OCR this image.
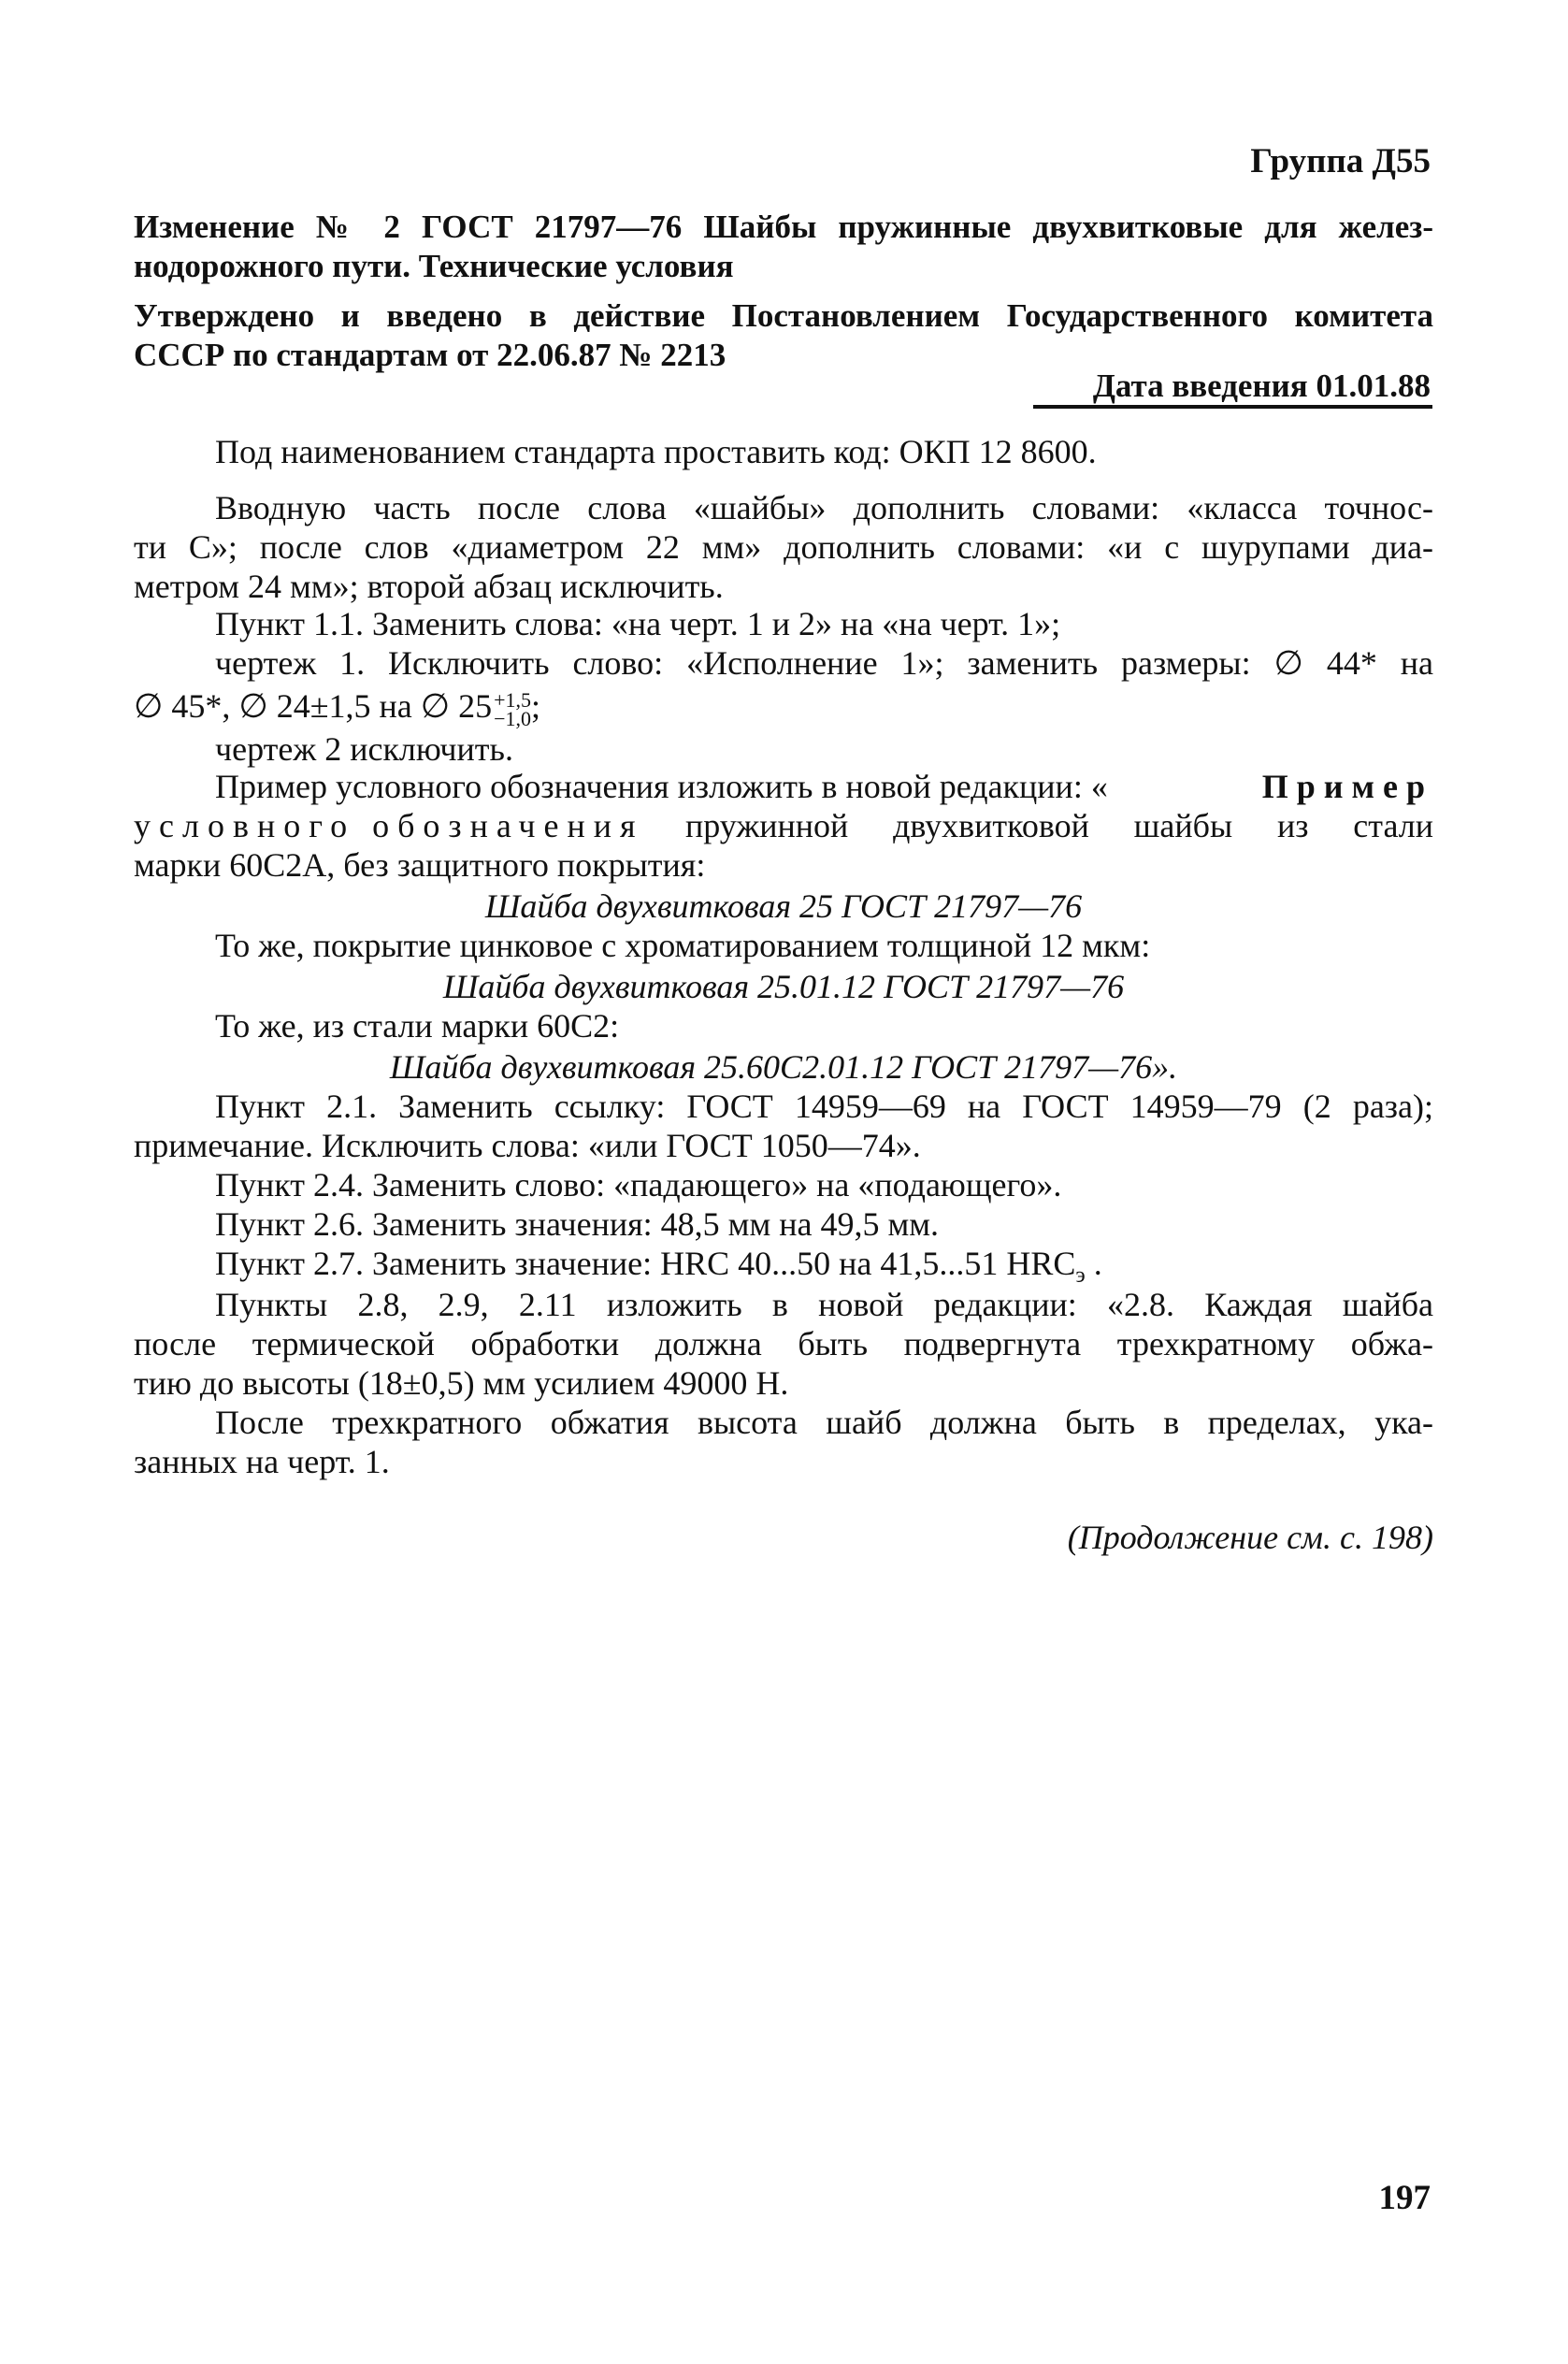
Группа Д55
Изменение № 2 ГОСТ 21797—76 Шайбы пружинные двухвитковые для желез-
нодорожного пути. Технические условия
Утверждено и введено в действие Постановлением Государственного комитета
СССР по стандартам от 22.06.87 № 2213
Дата введения 01.01.88
Под наименованием стандарта проставить код: ОКП 12 8600.
Вводную часть после слова «шайбы» дополнить словами: «класса точнос-
ти С»; после слов «диаметром 22 мм» дополнить словами: «и с шурупами диа-
метром 24 мм»; второй абзац исключить.
Пункт 1.1. Заменить слова: «на черт. 1 и 2» на «на черт. 1»;
чертеж 1. Исключить слово: «Исполнение 1»; заменить размеры: ∅ 44* на
∅ 45*, ∅ 24±1,5 на ∅ 25 +1,5
−1,0 ;
чертеж 2 исключить.
Пример условного обозначения изложить в новой редакции: «	Пример
условного обозначения пружинной двухвитковой шайбы из стали
марки 60С2А, без защитного покрытия:
Шайба двухвитковая 25 ГОСТ 21797—76
То же, покрытие цинковое с хроматированием толщиной 12 мкм:
Шайба двухвитковая 25.01.12 ГОСТ 21797—76
То же, из стали марки 60С2:
Шайба двухвитковая 25.60С2.01.12 ГОСТ 21797—76».
Пункт 2.1. Заменить ссылку: ГОСТ 14959—69 на ГОСТ 14959—79 (2 раза);
примечание. Исключить слова: «или ГОСТ 1050—74».
Пункт 2.4. Заменить слово: «падающего» на «подающего».
Пункт 2.6. Заменить значения: 48,5 мм на 49,5 мм.
Пункт 2.7. Заменить значение: HRC 40...50 на 41,5...51 $HRC_э$ .
Пункты 2.8, 2.9, 2.11 изложить в новой редакции: «2.8. Каждая шайба
после термической обработки должна быть подвергнута трехкратному обжа-
тию до высоты (18±0,5) мм усилием 49000 Н.
После трехкратного обжатия высота шайб должна быть в пределах, ука-
занных на черт. 1.
(Продолжение см. с. 198)
197
